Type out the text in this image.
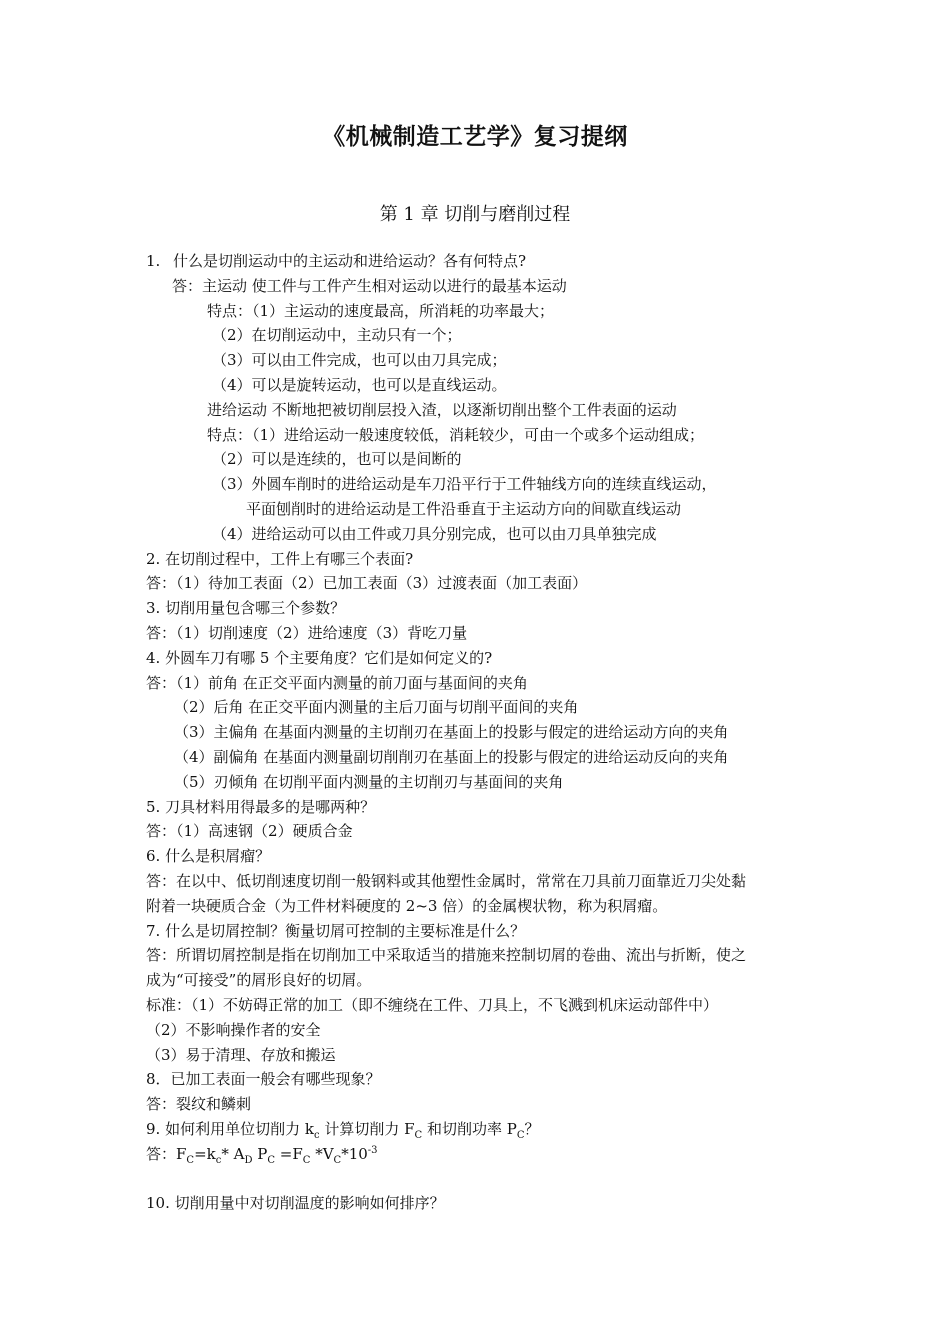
《机械制造工艺学》复习提纲
第 1 章 切削与磨削过程
1. 什么是切削运动中的主运动和进给运动？各有何特点?
答：主运动 使工件与工件产生相对运动以进行的最基本运动
特点：（1）主运动的速度最高，所消耗的功率最大；
（2）在切削运动中，主动只有一个；
（3）可以由工件完成，也可以由刀具完成；
（4）可以是旋转运动，也可以是直线运动。
进给运动 不断地把被切削层投入渣，以逐渐切削出整个工件表面的运动
特点：（1）进给运动一般速度较低，消耗较少，可由一个或多个运动组成；
（2）可以是连续的，也可以是间断的
（3）外圆车削时的进给运动是车刀沿平行于工件轴线方向的连续直线运动，
平面刨削时的进给运动是工件沿垂直于主运动方向的间歇直线运动
（4）进给运动可以由工件或刀具分别完成，也可以由刀具单独完成
2. 在切削过程中，工件上有哪三个表面?
答：（1）待加工表面（2）已加工表面（3）过渡表面（加工表面）
3. 切削用量包含哪三个参数？
答：（1）切削速度（2）进给速度（3）背吃刀量
4. 外圆车刀有哪 5 个主要角度？它们是如何定义的?
答：（1）前角 在正交平面内测量的前刀面与基面间的夹角
（2）后角 在正交平面内测量的主后刀面与切削平面间的夹角
（3）主偏角 在基面内测量的主切削刃在基面上的投影与假定的进给运动方向的夹角
（4）副偏角 在基面内测量副切削削刃在基面上的投影与假定的进给运动反向的夹角
（5）刃倾角 在切削平面内测量的主切削刃与基面间的夹角
5. 刀具材料用得最多的是哪两种？
答：（1）高速钢（2）硬质合金
6. 什么是积屑瘤？
答：在以中、低切削速度切削一般钢料或其他塑性金属时，常常在刀具前刀面靠近刀尖处黏
附着一块硬质合金（为工件材料硬度的 2~3 倍）的金属楔状物，称为积屑瘤。
7. 什么是切屑控制？衡量切屑可控制的主要标准是什么？
答：所谓切屑控制是指在切削加工中采取适当的措施来控制切屑的卷曲、流出与折断，使之
成为“可接受”的屑形良好的切屑。
标准：（1）不妨碍正常的加工（即不缠绕在工件、刀具上，不飞溅到机床运动部件中）
（2）不影响操作者的安全
（3）易于清理、存放和搬运
8．已加工表面一般会有哪些现象？
答：裂纹和鳞刺
9. 如何利用单位切削力 $k_c$ 计算切削力 $F_C$ 和切削功率 $P_C$？
答：$F_C=k_c*$ $A_D$ $P_C =F_C$ $*V_C*10^{-3}$
10. 切削用量中对切削温度的影响如何排序？
